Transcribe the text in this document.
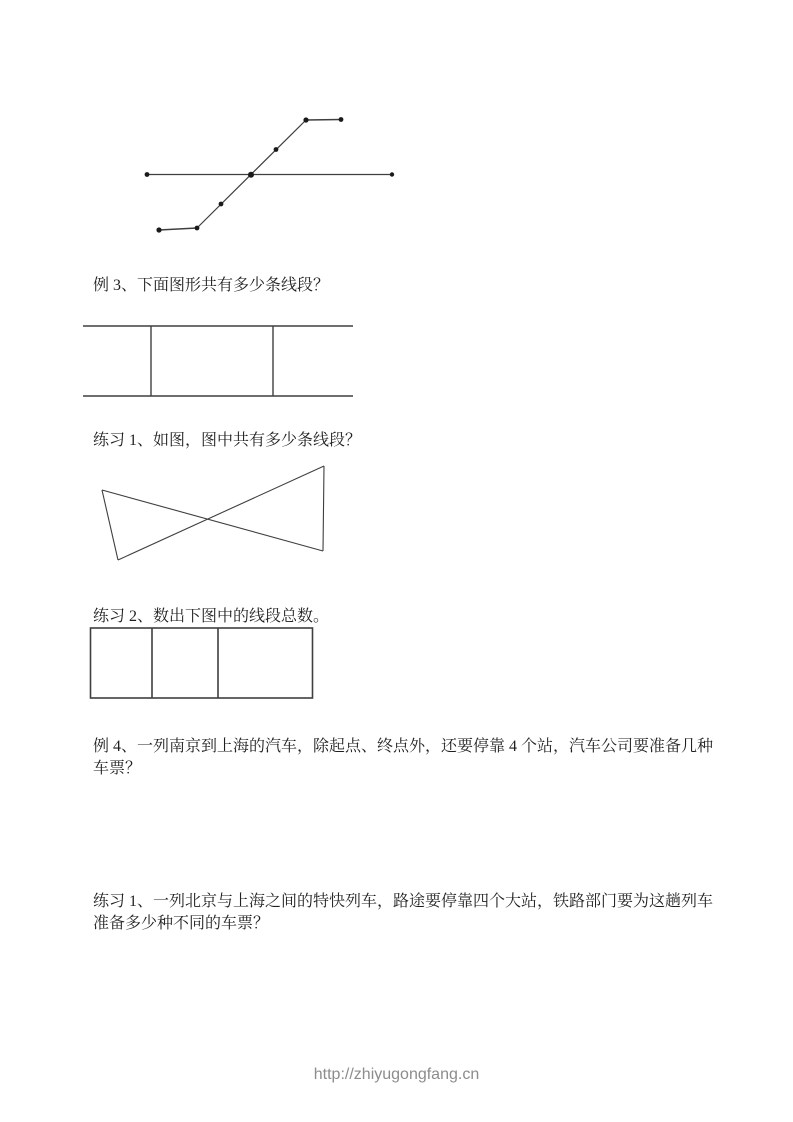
例 3、下面图形共有多少条线段？

练习 1、如图，图中共有多少条线段？

练习 2、数出下图中的线段总数。

例 4、一列南京到上海的汽车，除起点、终点外，还要停靠 4 个站，汽车公司要准备几种车票？

练习 1、一列北京与上海之间的特快列车，路途要停靠四个大站，铁路部门要为这趟列车准备多少种不同的车票？

http://zhiyugongfang.cn
